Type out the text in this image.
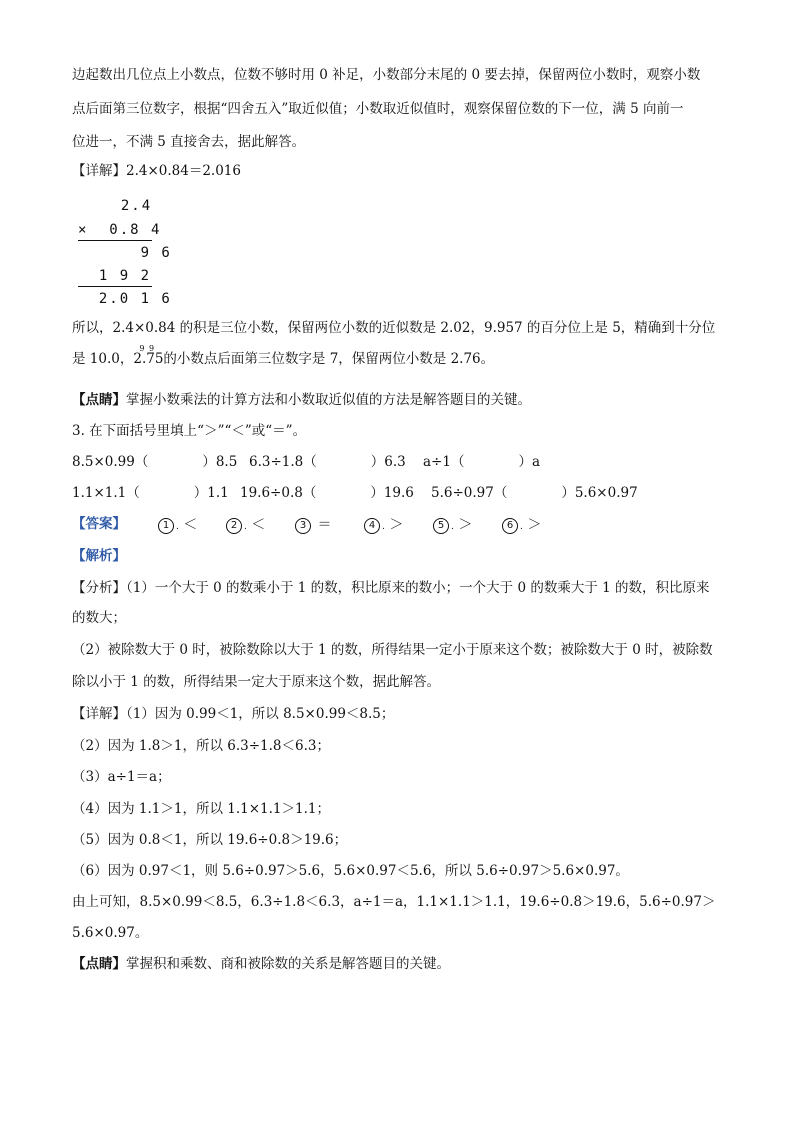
边起数出几位点上小数点，位数不够时用 0 补足，小数部分末尾的 0 要去掉，保留两位小数时，观察小数
点后面第三位数字，根据“四舍五入”取近似值；小数取近似值时，观察保留位数的下一位，满 5 向前一
位进一，不满 5 直接舍去，据此解答。
【详解】2.4×0.84＝2.016
2.4
×  0.8 4
9 6
1 9 2
2.0 1 6
所以，2.4×0.84 的积是三位小数，保留两位小数的近似数是 2.02，9.957 的百分位上是 5，精确到十分位
是 10.0，
9 9
2.75的小数点后面第三位数字是 7，保留两位小数是 2.76。
【点睛】掌握小数乘法的计算方法和小数取近似值的方法是解答题目的关键。
3. 在下面括号里填上“＞”“＜”或“＝”。
8.5×0.99（　　　　）8.5 6.3÷1.8（　　　　）6.3 a÷1（　　　　）a
1.1×1.1（　　　　）1.1 19.6÷0.8（　　　　）19.6 5.6÷0.97（　　　　）5.6×0.97
【答案】	1 . ＜	2 . ＜	3 ＝	4 . ＞	5 . ＞	6 . ＞
【解析】
【分析】（1）一个大于 0 的数乘小于 1 的数，积比原来的数小；一个大于 0 的数乘大于 1 的数，积比原来
的数大；
（2）被除数大于 0 时，被除数除以大于 1 的数，所得结果一定小于原来这个数；被除数大于 0 时，被除数
除以小于 1 的数，所得结果一定大于原来这个数，据此解答。
【详解】（1）因为 0.99＜1，所以 8.5×0.99＜8.5；
（2）因为 1.8＞1，所以 6.3÷1.8＜6.3；
（3）a÷1＝a；
（4）因为 1.1＞1，所以 1.1×1.1＞1.1；
（5）因为 0.8＜1，所以 19.6÷0.8＞19.6；
（6）因为 0.97＜1，则 5.6÷0.97＞5.6，5.6×0.97＜5.6，所以 5.6÷0.97＞5.6×0.97。
由上可知，8.5×0.99＜8.5，6.3÷1.8＜6.3，a÷1＝a，1.1×1.1＞1.1，19.6÷0.8＞19.6，5.6÷0.97＞
5.6×0.97。
【点睛】掌握积和乘数、商和被除数的关系是解答题目的关键。
